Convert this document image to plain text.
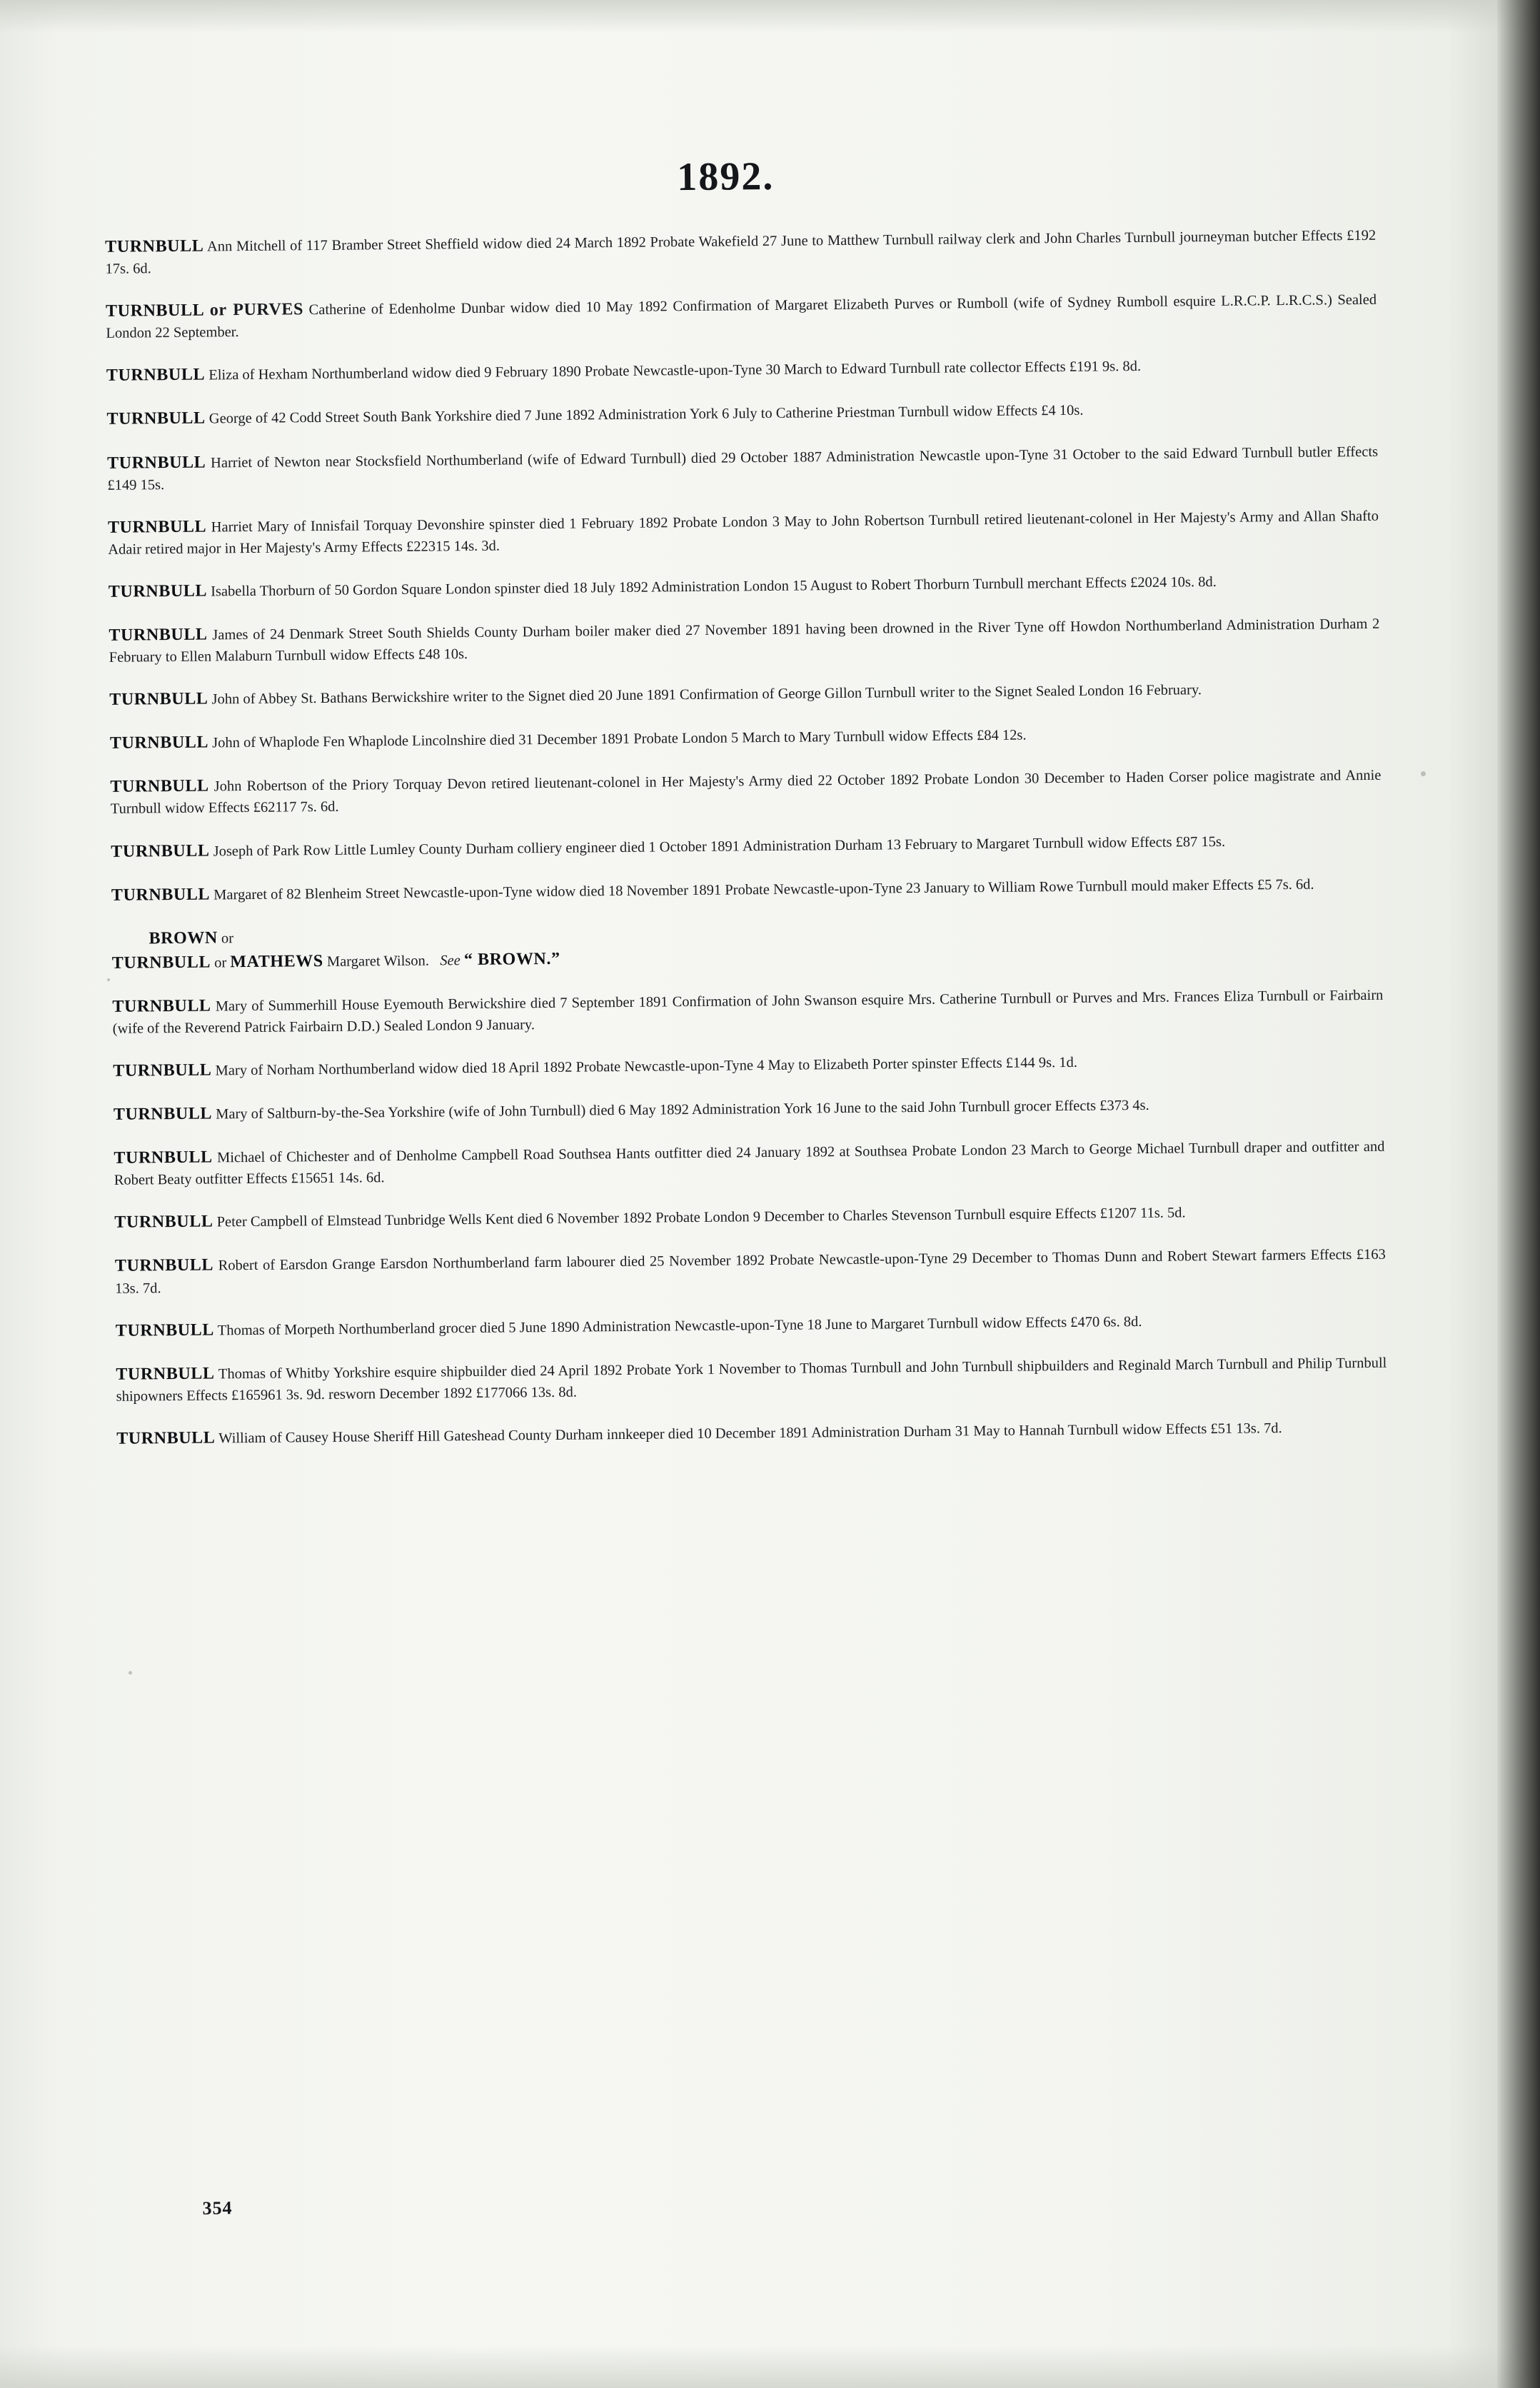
1892.
TURNBULL Ann Mitchell of 117 Bramber Street Sheffield widow died 24 March 1892 Probate Wakefield 27 June to Matthew Turnbull railway clerk and John Charles Turnbull journeyman butcher Effects £192 17s. 6d.
TURNBULL or PURVES Catherine of Edenholme Dunbar widow died 10 May 1892 Confirmation of Margaret Elizabeth Purves or Rumboll (wife of Sydney Rumboll esquire L.R.C.P. L.R.C.S.) Sealed London 22 September.
TURNBULL Eliza of Hexham Northumberland widow died 9 February 1890 Probate Newcastle-upon-Tyne 30 March to Edward Turnbull rate collector Effects £191 9s. 8d.
TURNBULL George of 42 Codd Street South Bank Yorkshire died 7 June 1892 Administration York 6 July to Catherine Priestman Turnbull widow Effects £4 10s.
TURNBULL Harriet of Newton near Stocksfield Northumberland (wife of Edward Turnbull) died 29 October 1887 Administration Newcastle upon-Tyne 31 October to the said Edward Turnbull butler Effects £149 15s.
TURNBULL Harriet Mary of Innisfail Torquay Devonshire spinster died 1 February 1892 Probate London 3 May to John Robertson Turnbull retired lieutenant-colonel in Her Majesty's Army and Allan Shafto Adair retired major in Her Majesty's Army Effects £22315 14s. 3d.
TURNBULL Isabella Thorburn of 50 Gordon Square London spinster died 18 July 1892 Administration London 15 August to Robert Thorburn Turnbull merchant Effects £2024 10s. 8d.
TURNBULL James of 24 Denmark Street South Shields County Durham boiler maker died 27 November 1891 having been drowned in the River Tyne off Howdon Northumberland Administration Durham 2 February to Ellen Malaburn Turnbull widow Effects £48 10s.
TURNBULL John of Abbey St. Bathans Berwickshire writer to the Signet died 20 June 1891 Confirmation of George Gillon Turnbull writer to the Signet Sealed London 16 February.
TURNBULL John of Whaplode Fen Whaplode Lincolnshire died 31 December 1891 Probate London 5 March to Mary Turnbull widow Effects £84 12s.
TURNBULL John Robertson of the Priory Torquay Devon retired lieutenant-colonel in Her Majesty's Army died 22 October 1892 Probate London 30 December to Haden Corser police magistrate and Annie Turnbull widow Effects £62117 7s. 6d.
TURNBULL Joseph of Park Row Little Lumley County Durham colliery engineer died 1 October 1891 Administration Durham 13 February to Margaret Turnbull widow Effects £87 15s.
TURNBULL Margaret of 82 Blenheim Street Newcastle-upon-Tyne widow died 18 November 1891 Probate Newcastle-upon-Tyne 23 January to William Rowe Turnbull mould maker Effects £5 7s. 6d.
BROWN or
TURNBULL or MATHEWS Margaret Wilson. See “ BROWN.”
TURNBULL Mary of Summerhill House Eyemouth Berwickshire died 7 September 1891 Confirmation of John Swanson esquire Mrs. Catherine Turnbull or Purves and Mrs. Frances Eliza Turnbull or Fairbairn (wife of the Reverend Patrick Fairbairn D.D.) Sealed London 9 January.
TURNBULL Mary of Norham Northumberland widow died 18 April 1892 Probate Newcastle-upon-Tyne 4 May to Elizabeth Porter spinster Effects £144 9s. 1d.
TURNBULL Mary of Saltburn-by-the-Sea Yorkshire (wife of John Turnbull) died 6 May 1892 Administration York 16 June to the said John Turnbull grocer Effects £373 4s.
TURNBULL Michael of Chichester and of Denholme Campbell Road Southsea Hants outfitter died 24 January 1892 at Southsea Probate London 23 March to George Michael Turnbull draper and outfitter and Robert Beaty outfitter Effects £15651 14s. 6d.
TURNBULL Peter Campbell of Elmstead Tunbridge Wells Kent died 6 November 1892 Probate London 9 December to Charles Stevenson Turnbull esquire Effects £1207 11s. 5d.
TURNBULL Robert of Earsdon Grange Earsdon Northumberland farm labourer died 25 November 1892 Probate Newcastle-upon-Tyne 29 December to Thomas Dunn and Robert Stewart farmers Effects £163 13s. 7d.
TURNBULL Thomas of Morpeth Northumberland grocer died 5 June 1890 Administration Newcastle-upon-Tyne 18 June to Margaret Turnbull widow Effects £470 6s. 8d.
TURNBULL Thomas of Whitby Yorkshire esquire shipbuilder died 24 April 1892 Probate York 1 November to Thomas Turnbull and John Turnbull shipbuilders and Reginald March Turnbull and Philip Turnbull shipowners Effects £165961 3s. 9d. resworn December 1892 £177066 13s. 8d.
TURNBULL William of Causey House Sheriff Hill Gateshead County Durham innkeeper died 10 December 1891 Administration Durham 31 May to Hannah Turnbull widow Effects £51 13s. 7d.
354
